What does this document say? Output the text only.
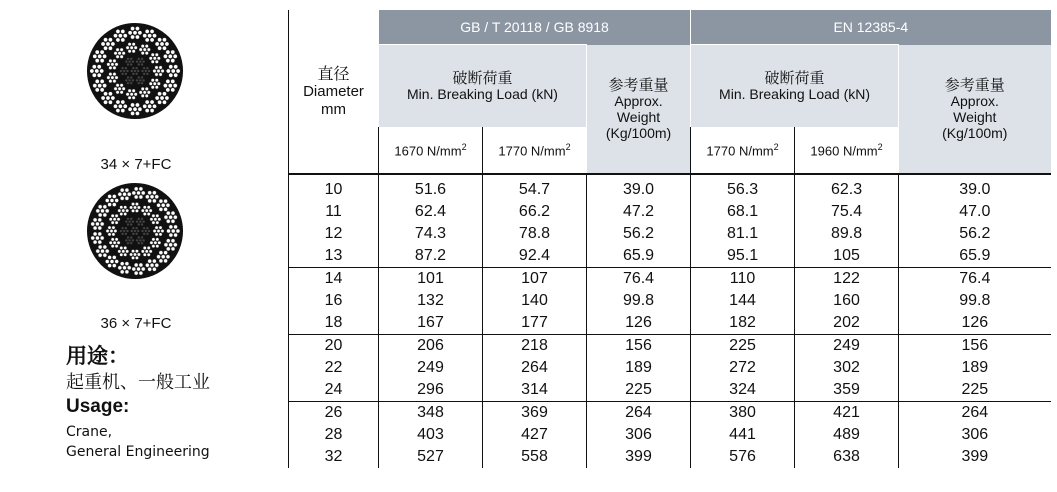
34 × 7+FC
36 × 7+FC
用途：
起重机、一般工业
Usage:
Crane,
General Engineering
直径
Diameter
mm	GB / T 20118 / GB 8918			EN 12385-4		

	破断荷重
Min. Breaking Load (kN)		参考重量
Approx.
Weight
(Kg/100m)	破断荷重
Min. Breaking Load (kN)		参考重量
Approx.
Weight
(Kg/100m)

	1670 $N/mm^2$	1770 $N/mm^2$		1770 $N/mm^2$	1960 $N/mm^2$

10	51.6	54.7	39.0	56.3	62.3	39.0
11	62.4	66.2	47.2	68.1	75.4	47.0
12	74.3	78.8	56.2	81.1	89.8	56.2
13	87.2	92.4	65.9	95.1	105	65.9
14	101	107	76.4	110	122	76.4
16	132	140	99.8	144	160	99.8
18	167	177	126	182	202	126
20	206	218	156	225	249	156
22	249	264	189	272	302	189
24	296	314	225	324	359	225
26	348	369	264	380	421	264
28	403	427	306	441	489	306
32	527	558	399	576	638	399
